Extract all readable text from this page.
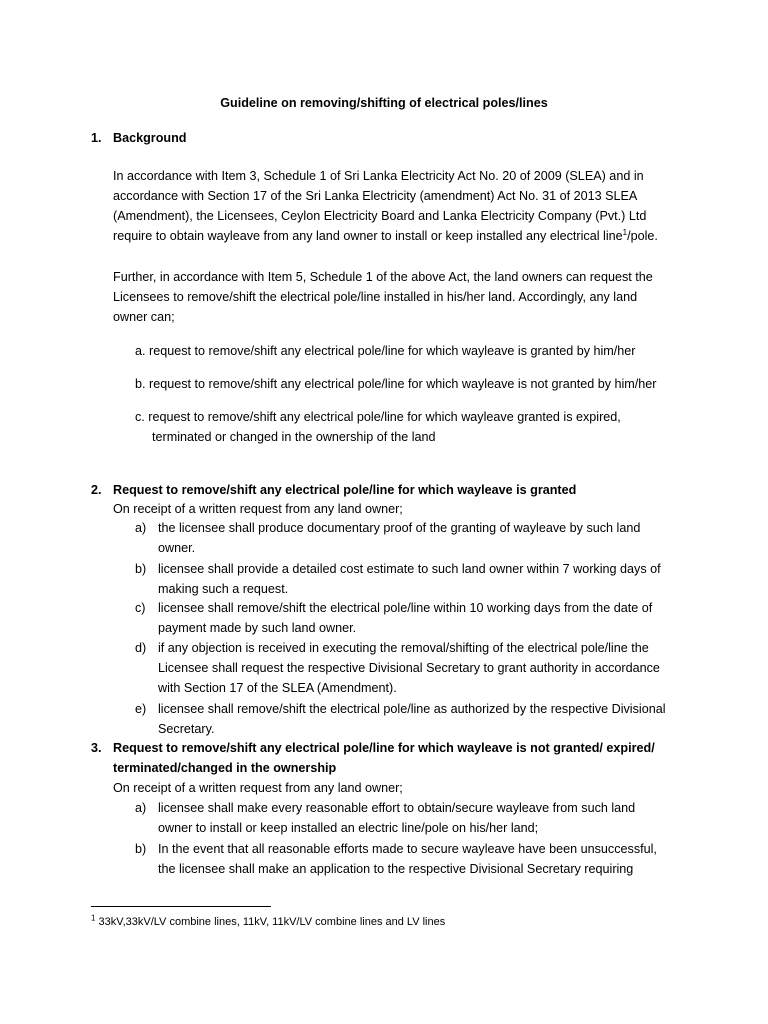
Guideline on removing/shifting of electrical poles/lines
1. Background
In accordance with Item 3, Schedule 1 of Sri Lanka Electricity Act No. 20 of 2009 (SLEA) and in
accordance with Section 17 of the Sri Lanka Electricity (amendment) Act No. 31 of 2013 SLEA
(Amendment), the Licensees, Ceylon Electricity Board and Lanka Electricity Company (Pvt.) Ltd
require to obtain wayleave from any land owner to install or keep installed any electrical line$^1$/pole.
Further, in accordance with Item 5, Schedule 1 of the above Act, the land owners can request the
Licensees to remove/shift the electrical pole/line installed in his/her land. Accordingly, any land
owner can;
a. request to remove/shift any electrical pole/line for which wayleave is granted by him/her
b. request to remove/shift any electrical pole/line for which wayleave is not granted by him/her
c. request to remove/shift any electrical pole/line for which wayleave granted is expired,
terminated or changed in the ownership of the land
2. Request to remove/shift any electrical pole/line for which wayleave is granted
On receipt of a written request from any land owner;
a) the licensee shall produce documentary proof of the granting of wayleave by such land
owner.
b) licensee shall provide a detailed cost estimate to such land owner within 7 working days of
making such a request.
c) licensee shall remove/shift the electrical pole/line within 10 working days from the date of
payment made by such land owner.
d) if any objection is received in executing the removal/shifting of the electrical pole/line the
Licensee shall request the respective Divisional Secretary to grant authority in accordance
with Section 17 of the SLEA (Amendment).
e) licensee shall remove/shift the electrical pole/line as authorized by the respective Divisional
Secretary.
3. Request to remove/shift any electrical pole/line for which wayleave is not granted/ expired/
terminated/changed in the ownership
On receipt of a written request from any land owner;
a) licensee shall make every reasonable effort to obtain/secure wayleave from such land
owner to install or keep installed an electric line/pole on his/her land;
b) In the event that all reasonable efforts made to secure wayleave have been unsuccessful,
the licensee shall make an application to the respective Divisional Secretary requiring
$^1$ 33kV,33kV/LV combine lines, 11kV, 11kV/LV combine lines and LV lines
